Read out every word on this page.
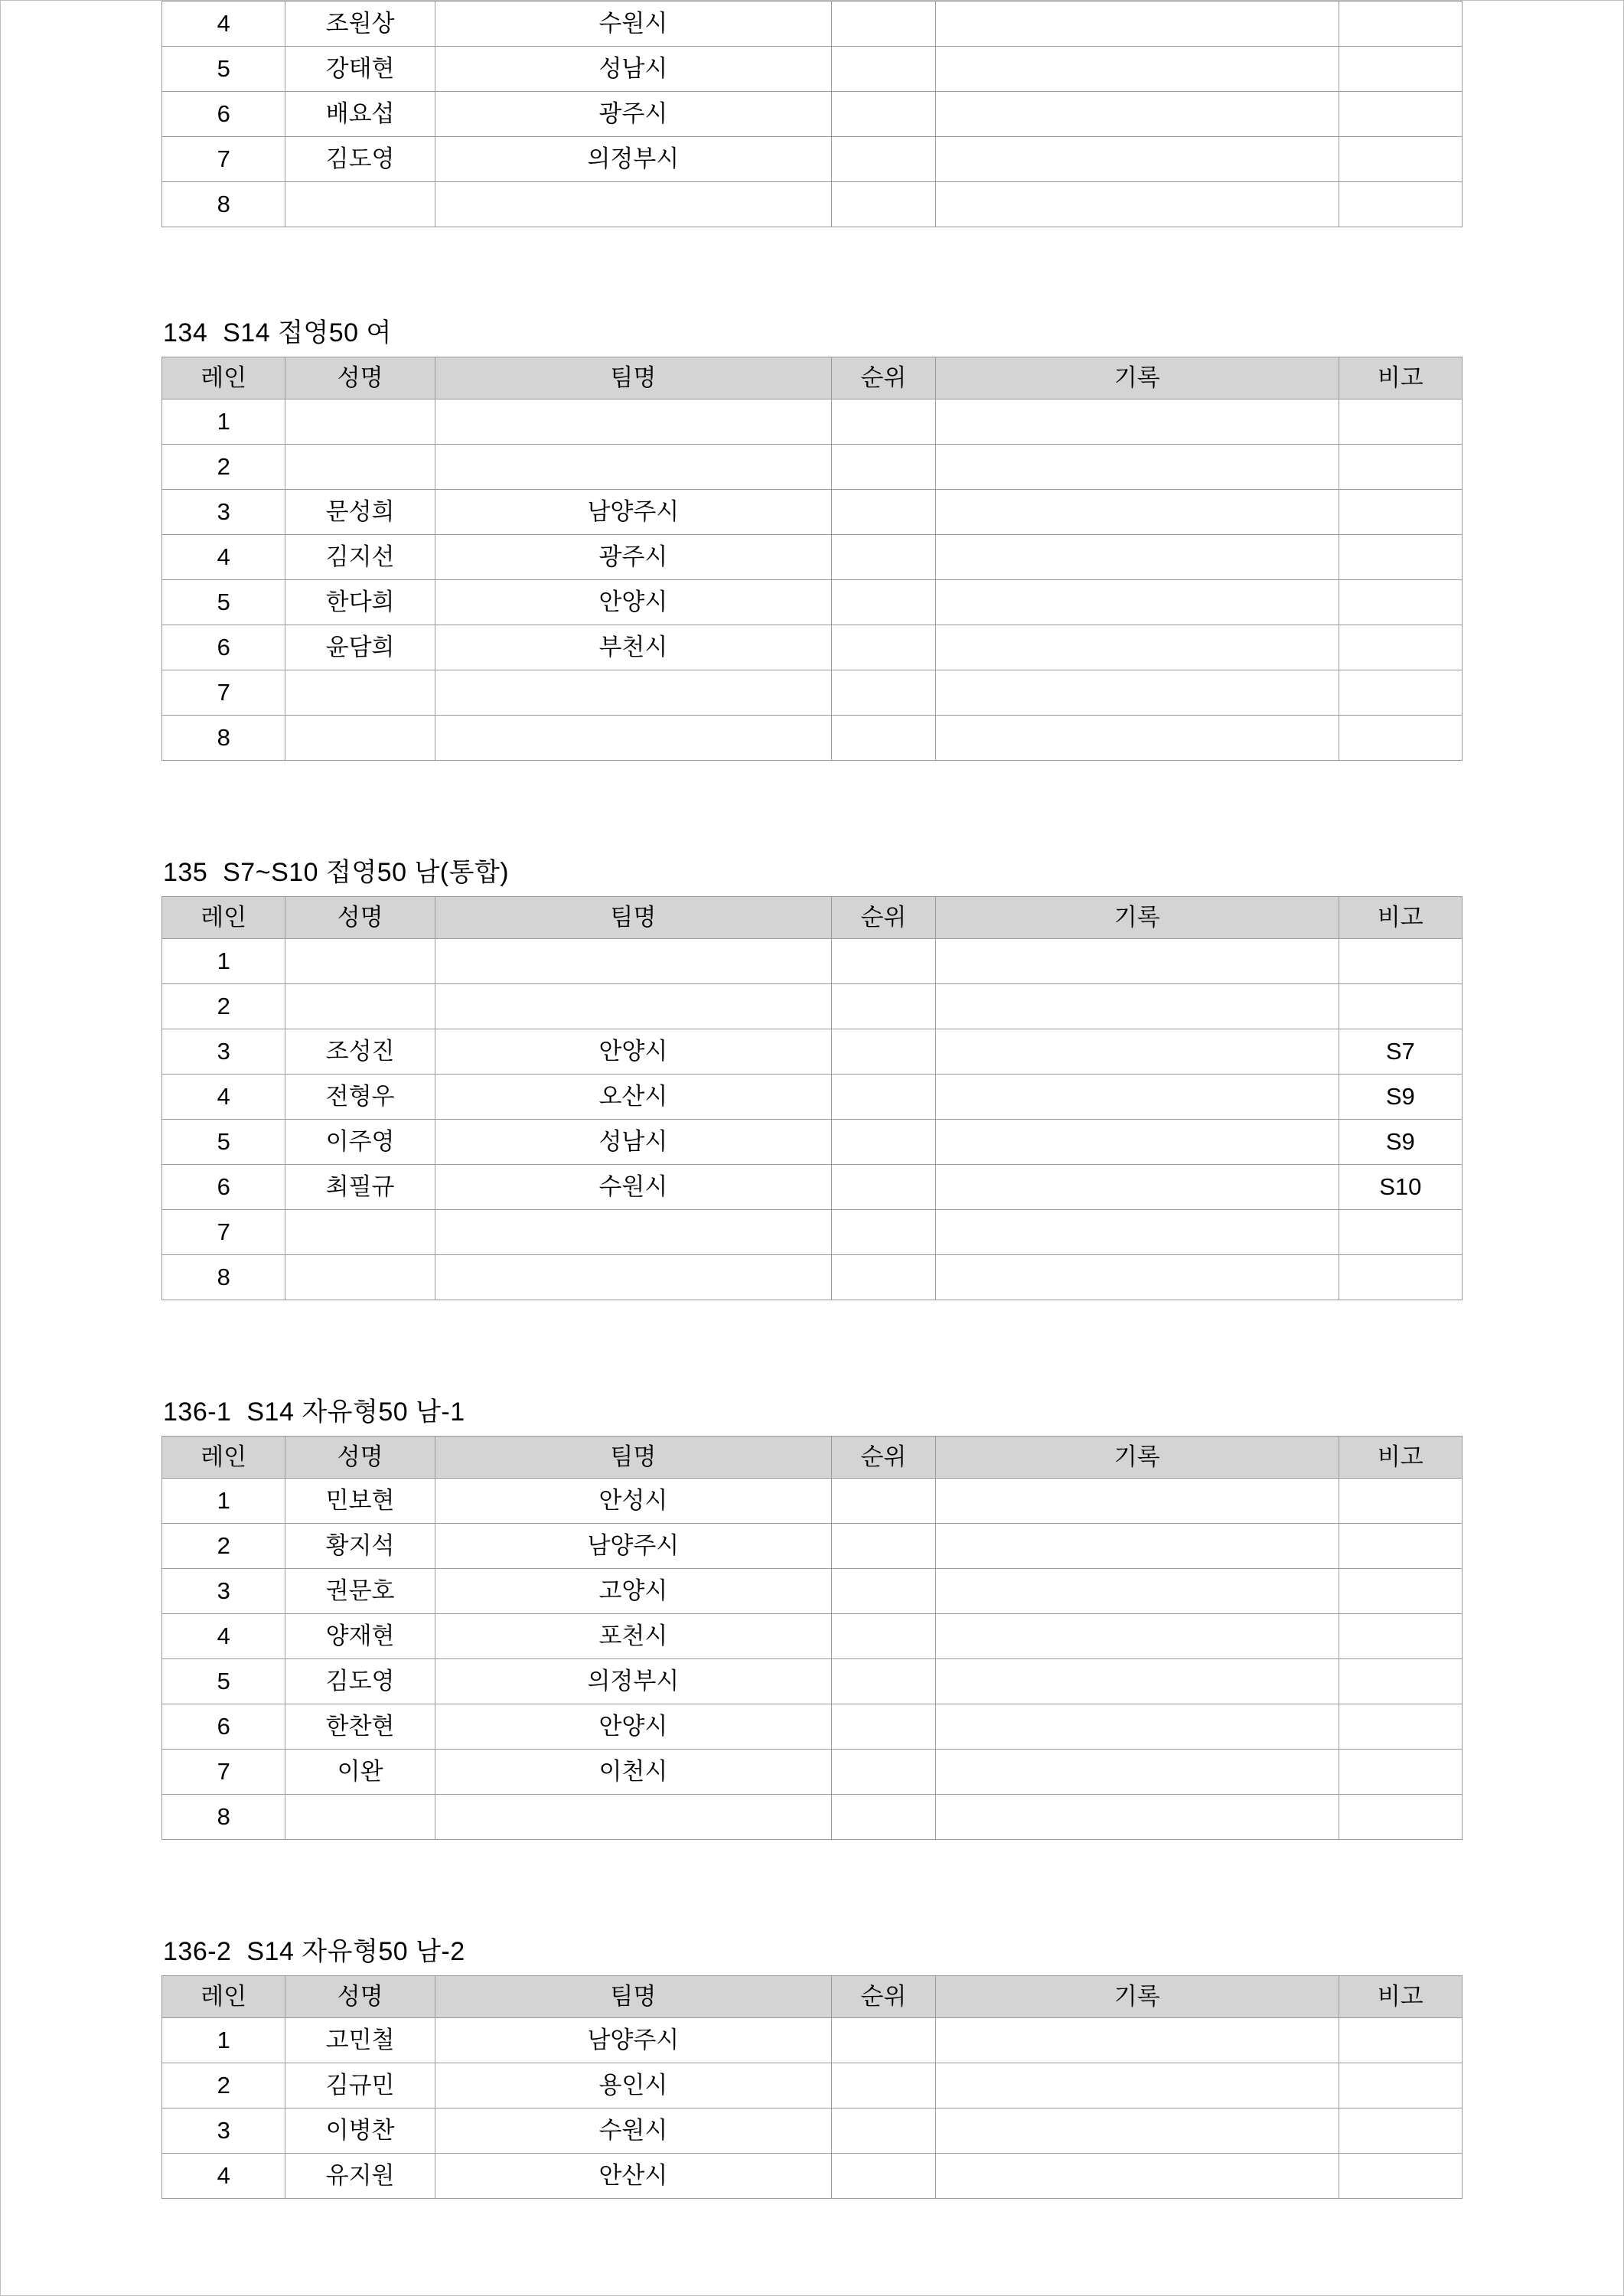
4	조원상	수원시			
5	강태현	성남시			
6	배요섭	광주시			
7	김도영	의정부시			
8					
134  S14 접영50 여
레인	성명	팀명	순위	기록	비고
1					
2					
3	문성희	남양주시			
4	김지선	광주시			
5	한다희	안양시			
6	윤담희	부천시			
7					
8					
135  S7~S10 접영50 남(통합)
레인	성명	팀명	순위	기록	비고
1					
2					
3	조성진	안양시			S7
4	전형우	오산시			S9
5	이주영	성남시			S9
6	최필규	수원시			S10
7					
8					
136-1  S14 자유형50 남-1
레인	성명	팀명	순위	기록	비고
1	민보현	안성시			
2	황지석	남양주시			
3	권문호	고양시			
4	양재현	포천시			
5	김도영	의정부시			
6	한찬현	안양시			
7	이완	이천시			
8					
136-2  S14 자유형50 남-2
레인	성명	팀명	순위	기록	비고
1	고민철	남양주시			
2	김규민	용인시			
3	이병찬	수원시			
4	유지원	안산시			
